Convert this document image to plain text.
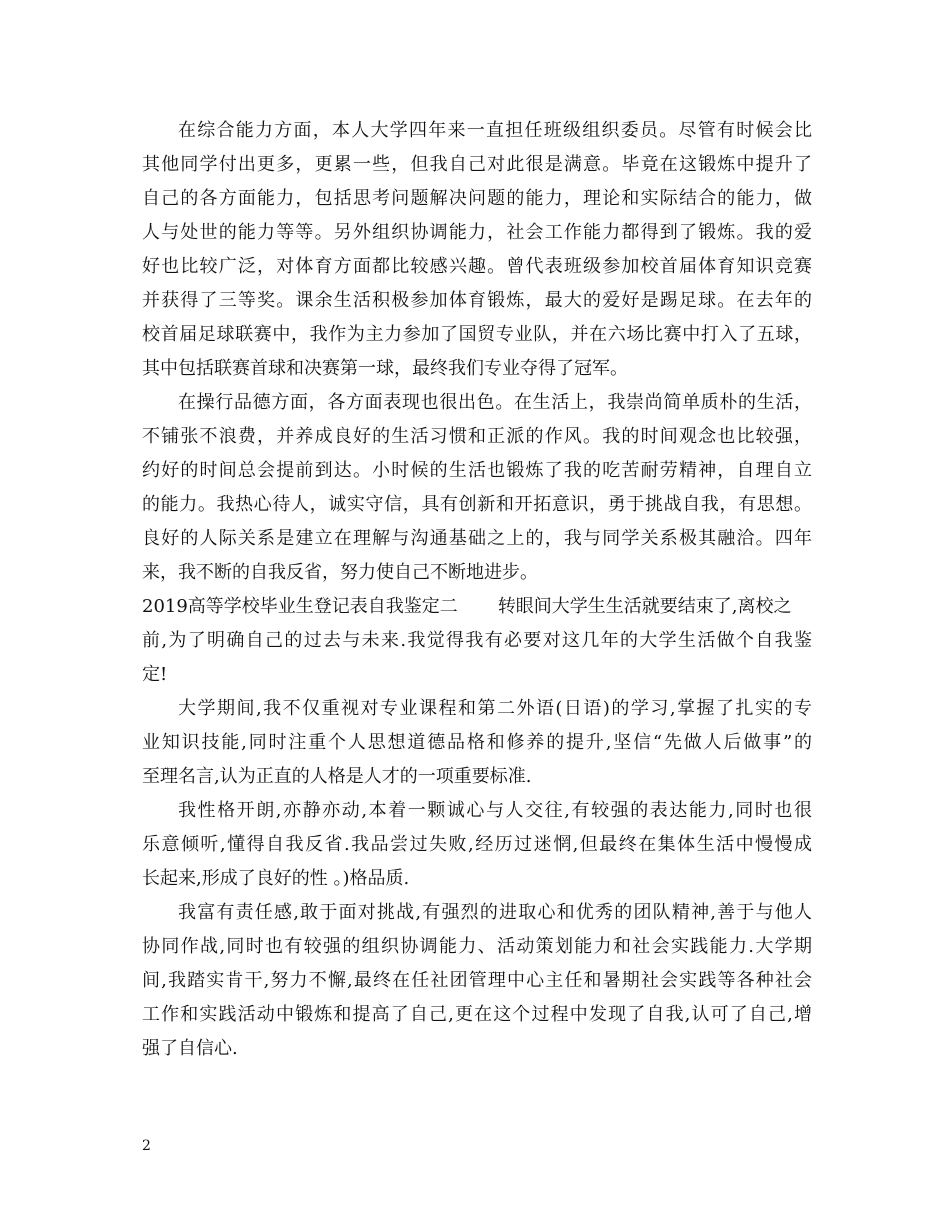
在综合能力方面，本人大学四年来一直担任班级组织委员。尽管有时候会比
其他同学付出更多，更累一些，但我自己对此很是满意。毕竟在这锻炼中提升了
自己的各方面能力，包括思考问题解决问题的能力，理论和实际结合的能力，做
人与处世的能力等等。另外组织协调能力，社会工作能力都得到了锻炼。我的爱
好也比较广泛，对体育方面都比较感兴趣。曾代表班级参加校首届体育知识竞赛
并获得了三等奖。课余生活积极参加体育锻炼，最大的爱好是踢足球。在去年的
校首届足球联赛中，我作为主力参加了国贸专业队，并在六场比赛中打入了五球，
其中包括联赛首球和决赛第一球，最终我们专业夺得了冠军。
在操行品德方面，各方面表现也很出色。在生活上，我崇尚简单质朴的生活，
不铺张不浪费，并养成良好的生活习惯和正派的作风。我的时间观念也比较强，
约好的时间总会提前到达。小时候的生活也锻炼了我的吃苦耐劳精神，自理自立
的能力。我热心待人，诚实守信，具有创新和开拓意识，勇于挑战自我，有思想。
良好的人际关系是建立在理解与沟通基础之上的，我与同学关系极其融洽。四年
来，我不断的自我反省，努力使自己不断地进步。
2019高等学校毕业生登记表自我鉴定二 转眼间大学生生活就要结束了,离校之
前,为了明确自己的过去与未来.我觉得我有必要对这几年的大学生活做个自我鉴
定!
大学期间,我不仅重视对专业课程和第二外语(日语)的学习,掌握了扎实的专
业知识技能,同时注重个人思想道德品格和修养的提升,坚信“先做人后做事”的
至理名言,认为正直的人格是人才的一项重要标准.
我性格开朗,亦静亦动,本着一颗诚心与人交往,有较强的表达能力,同时也很
乐意倾听,懂得自我反省.我品尝过失败,经历过迷惘,但最终在集体生活中慢慢成
长起来,形成了良好的性 。)格品质.
我富有责任感,敢于面对挑战,有强烈的进取心和优秀的团队精神,善于与他人
协同作战,同时也有较强的组织协调能力、活动策划能力和社会实践能力.大学期
间,我踏实肯干,努力不懈,最终在任社团管理中心主任和暑期社会实践等各种社会
工作和实践活动中锻炼和提高了自己,更在这个过程中发现了自我,认可了自己,增
强了自信心.
2
